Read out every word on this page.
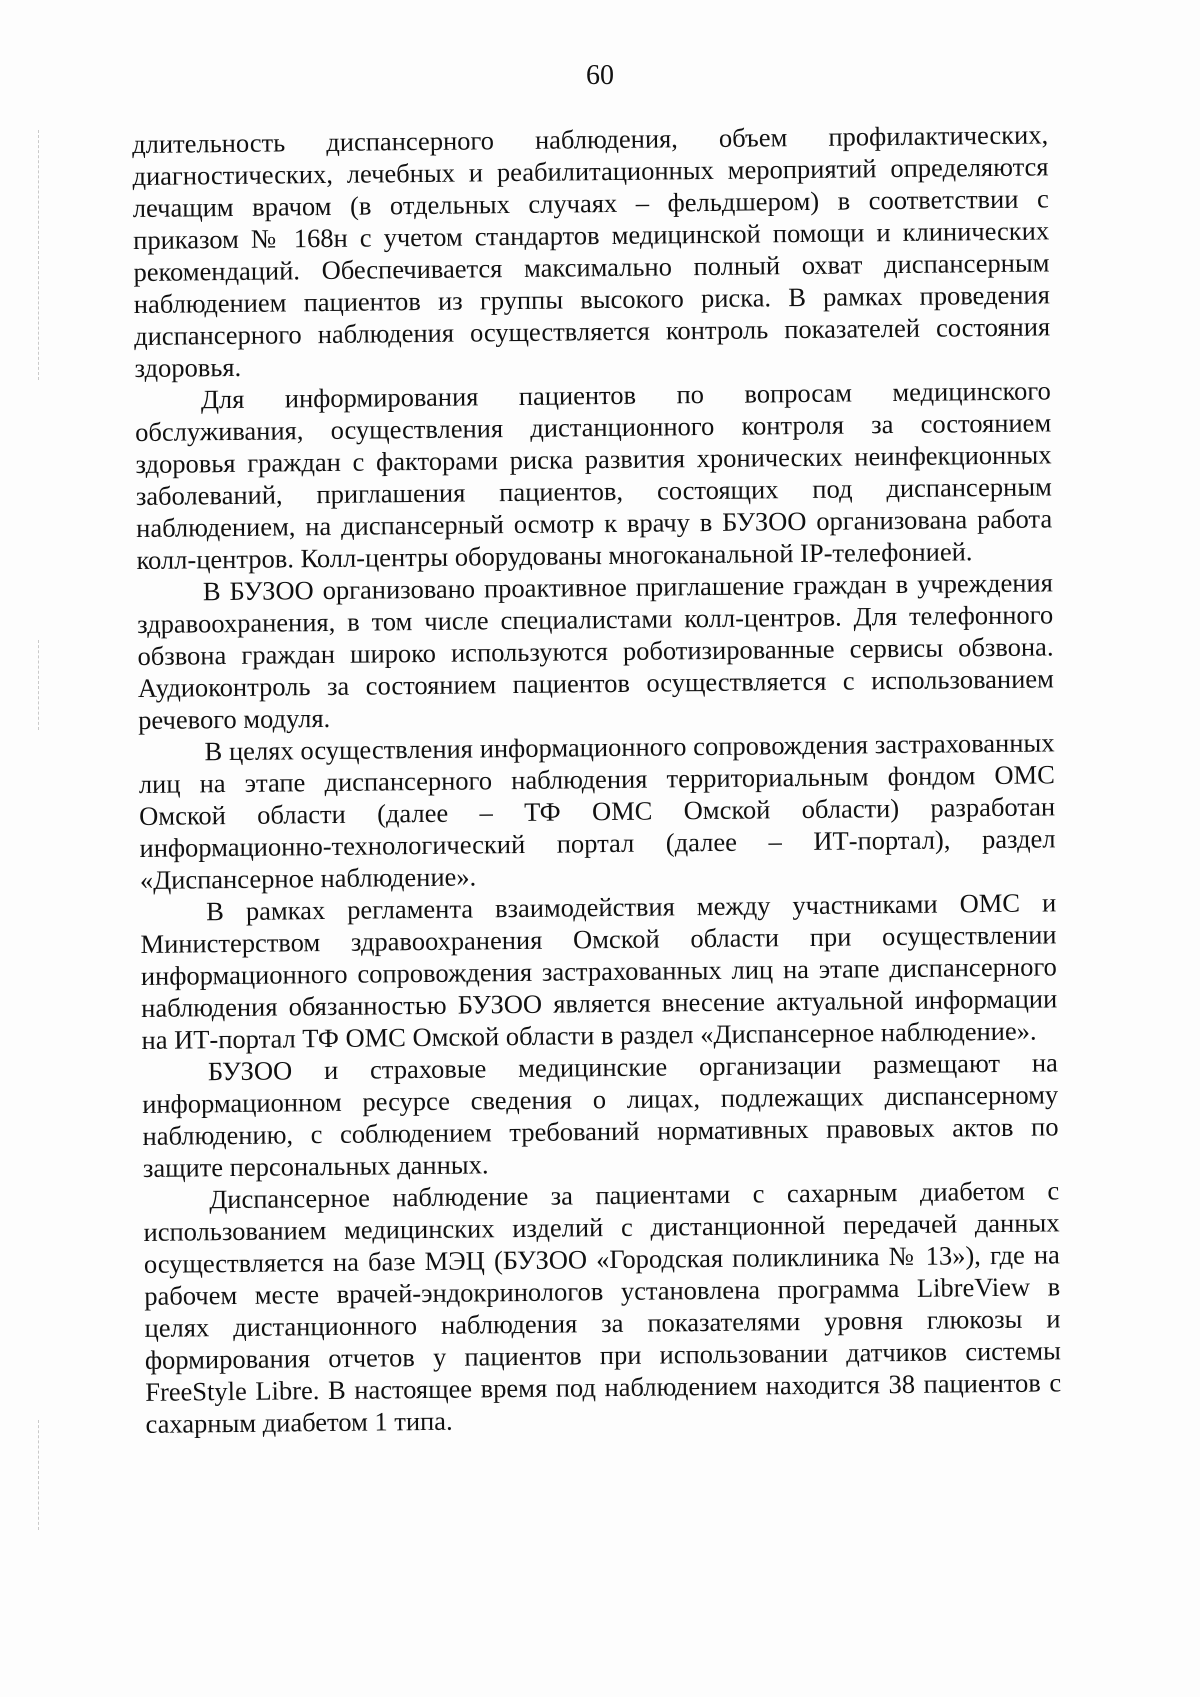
60

длительность диспансерного наблюдения, объем профилактических, диагностических, лечебных и реабилитационных мероприятий определяются лечащим врачом (в отдельных случаях – фельдшером) в соответствии с приказом № 168н с учетом стандартов медицинской помощи и клинических рекомендаций. Обеспечивается максимально полный охват диспансерным наблюдением пациентов из группы высокого риска. В рамках проведения диспансерного наблюдения осуществляется контроль показателей состояния здоровья.

Для информирования пациентов по вопросам медицинского обслуживания, осуществления дистанционного контроля за состоянием здоровья граждан с факторами риска развития хронических неинфекционных заболеваний, приглашения пациентов, состоящих под диспансерным наблюдением, на диспансерный осмотр к врачу в БУЗОО организована работа колл-центров. Колл-центры оборудованы многоканальной IP-телефонией.

В БУЗОО организовано проактивное приглашение граждан в учреждения здравоохранения, в том числе специалистами колл-центров. Для телефонного обзвона граждан широко используются роботизированные сервисы обзвона. Аудиоконтроль за состоянием пациентов осуществляется с использованием речевого модуля.

В целях осуществления информационного сопровождения застрахованных лиц на этапе диспансерного наблюдения территориальным фондом ОМС Омской области (далее – ТФ ОМС Омской области) разработан информационно-технологический портал (далее – ИТ-портал), раздел «Диспансерное наблюдение».

В рамках регламента взаимодействия между участниками ОМС и Министерством здравоохранения Омской области при осуществлении информационного сопровождения застрахованных лиц на этапе диспансерного наблюдения обязанностью БУЗОО является внесение актуальной информации на ИТ-портал ТФ ОМС Омской области в раздел «Диспансерное наблюдение».

БУЗОО и страховые медицинские организации размещают на информационном ресурсе сведения о лицах, подлежащих диспансерному наблюдению, с соблюдением требований нормативных правовых актов по защите персональных данных.

Диспансерное наблюдение за пациентами с сахарным диабетом с использованием медицинских изделий с дистанционной передачей данных осуществляется на базе МЭЦ (БУЗОО «Городская поликлиника № 13»), где на рабочем месте врачей-эндокринологов установлена программа LibreView в целях дистанционного наблюдения за показателями уровня глюкозы и формирования отчетов у пациентов при использовании датчиков системы FreeStyle Libre. В настоящее время под наблюдением находится 38 пациентов с сахарным диабетом 1 типа.
